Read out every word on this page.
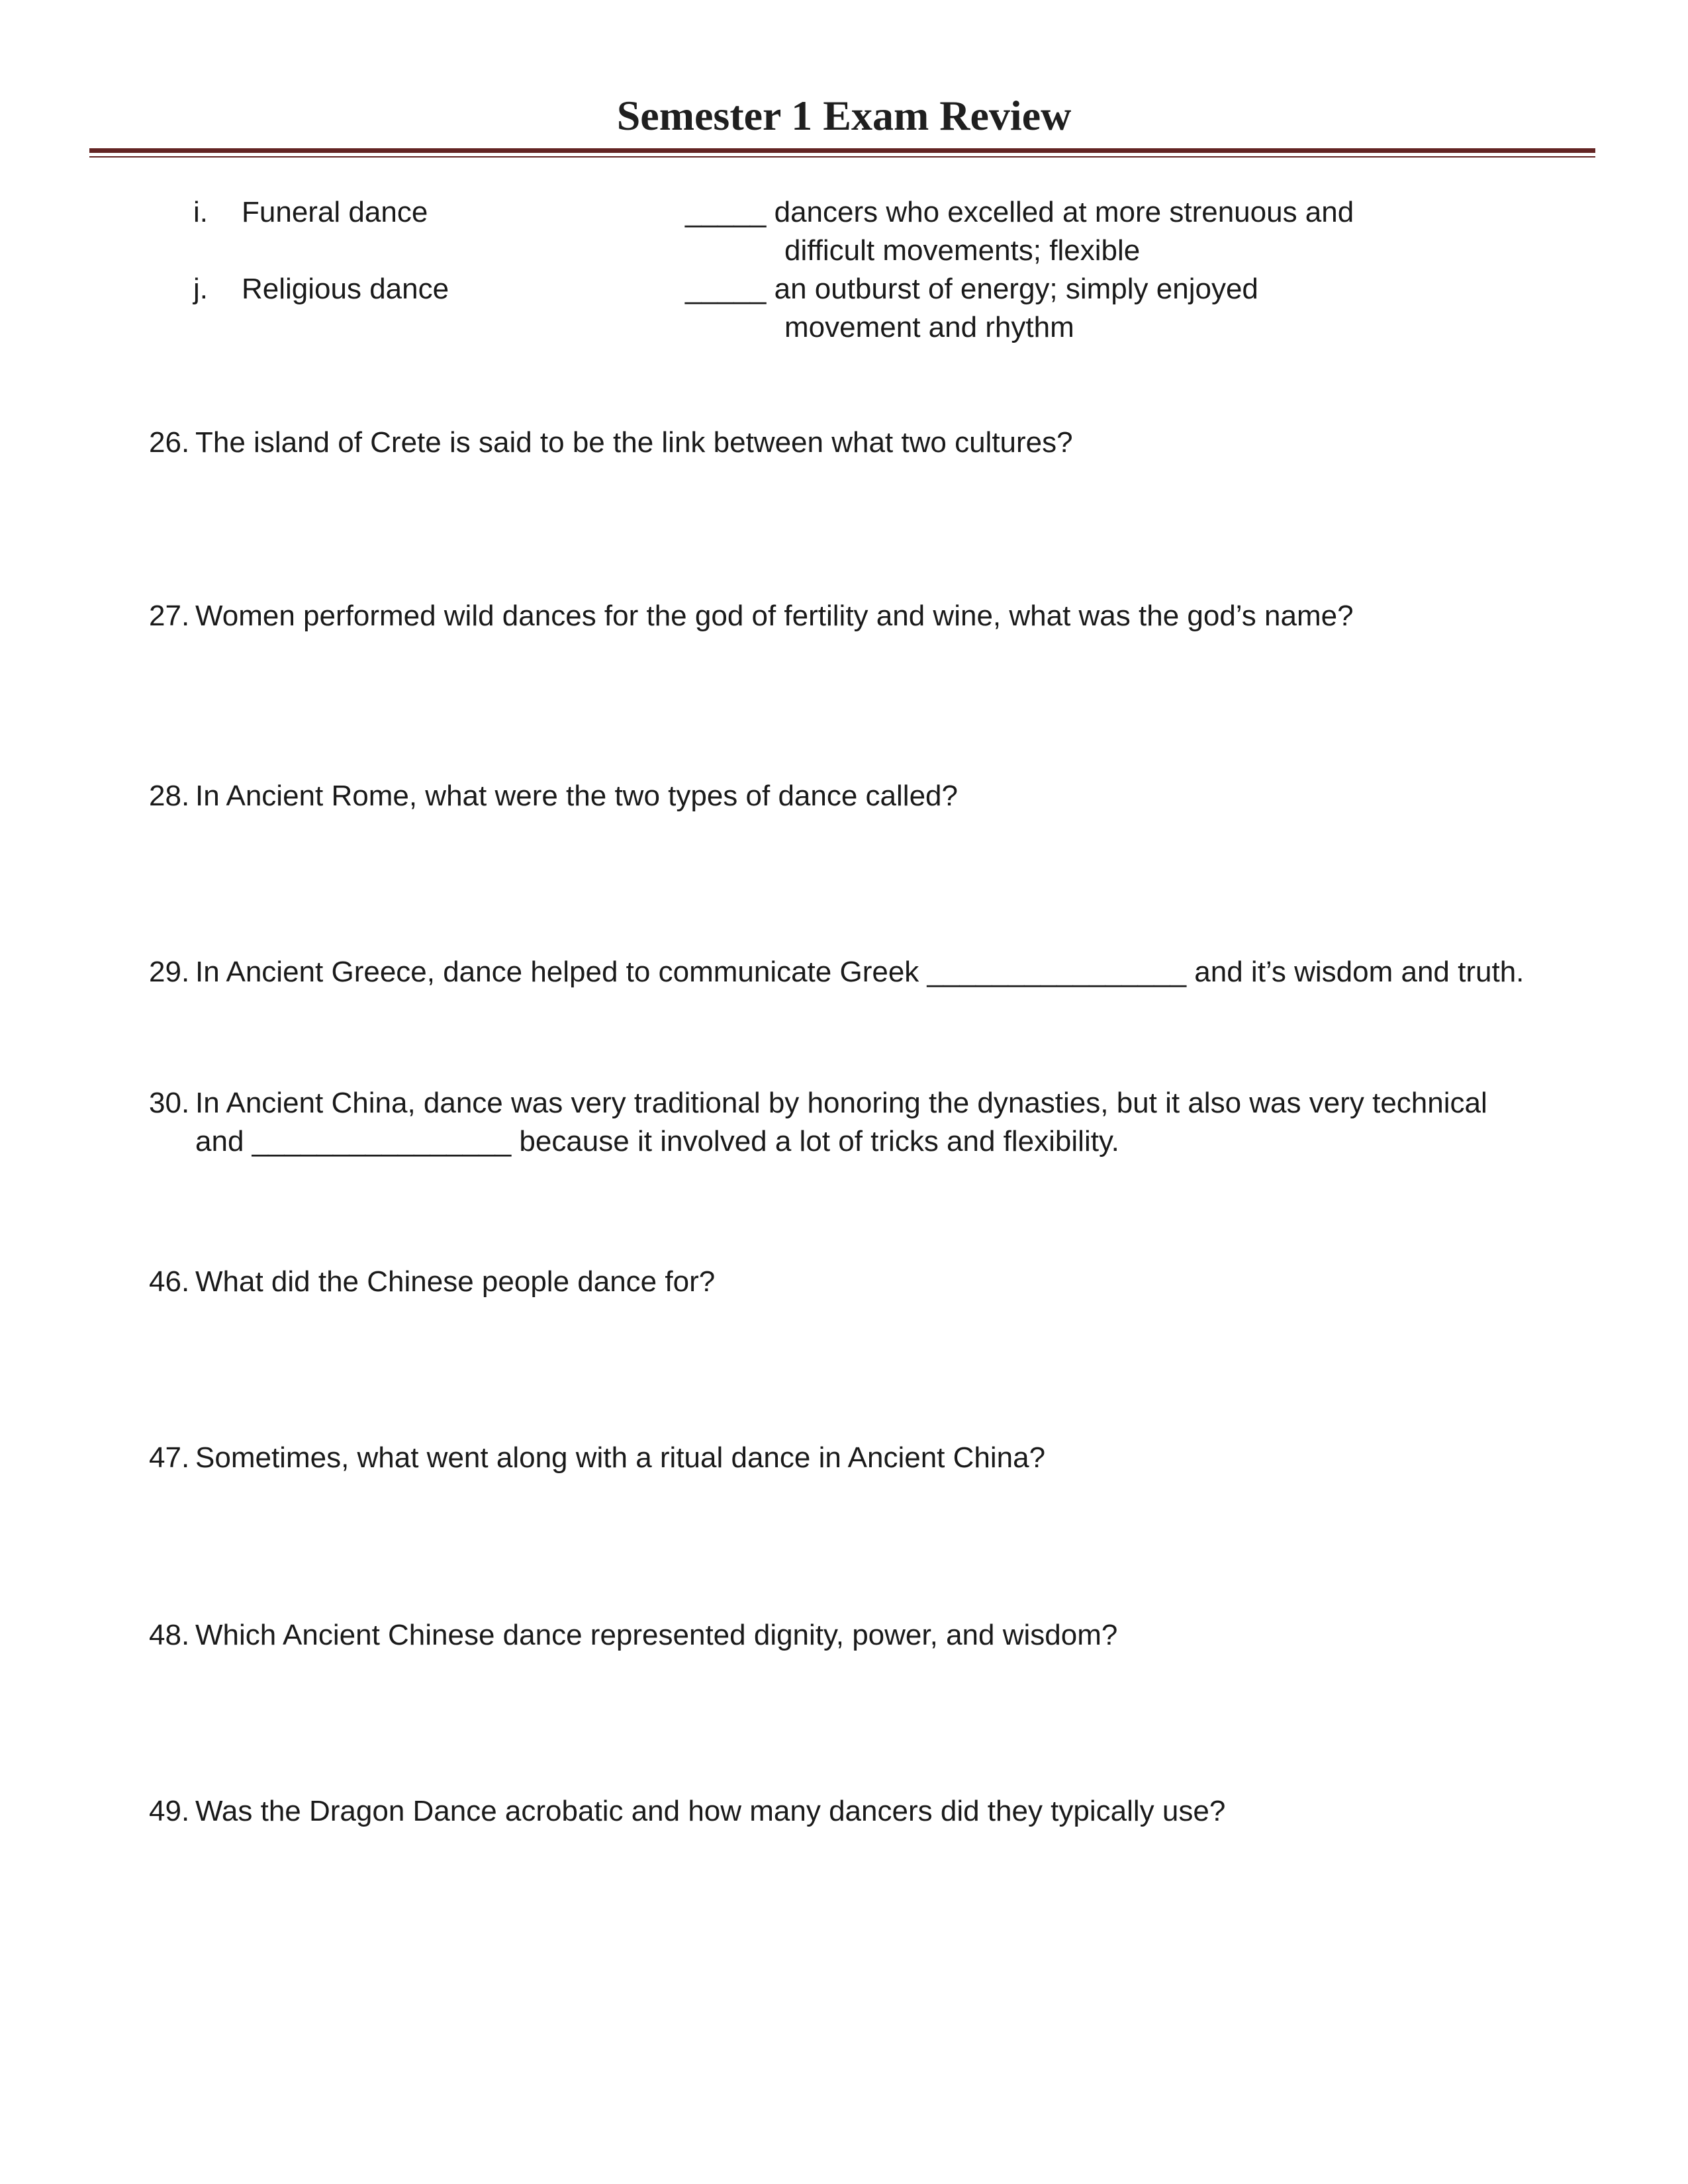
Semester 1 Exam Review
i. Funeral dance	_____ dancers who excelled at more strenuous and
difficult movements; flexible
j. Religious dance	_____ an outburst of energy; simply enjoyed
movement and rhythm
26. The island of Crete is said to be the link between what two cultures?
27. Women performed wild dances for the god of fertility and wine, what was the god’s name?
28. In Ancient Rome, what were the two types of dance called?
29. In Ancient Greece, dance helped to communicate Greek ________________ and it’s wisdom and truth.
30. In Ancient China, dance was very traditional by honoring the dynasties, but it also was very technical
and ________________ because it involved a lot of tricks and flexibility.
46. What did the Chinese people dance for?
47. Sometimes, what went along with a ritual dance in Ancient China?
48. Which Ancient Chinese dance represented dignity, power, and wisdom?
49. Was the Dragon Dance acrobatic and how many dancers did they typically use?
